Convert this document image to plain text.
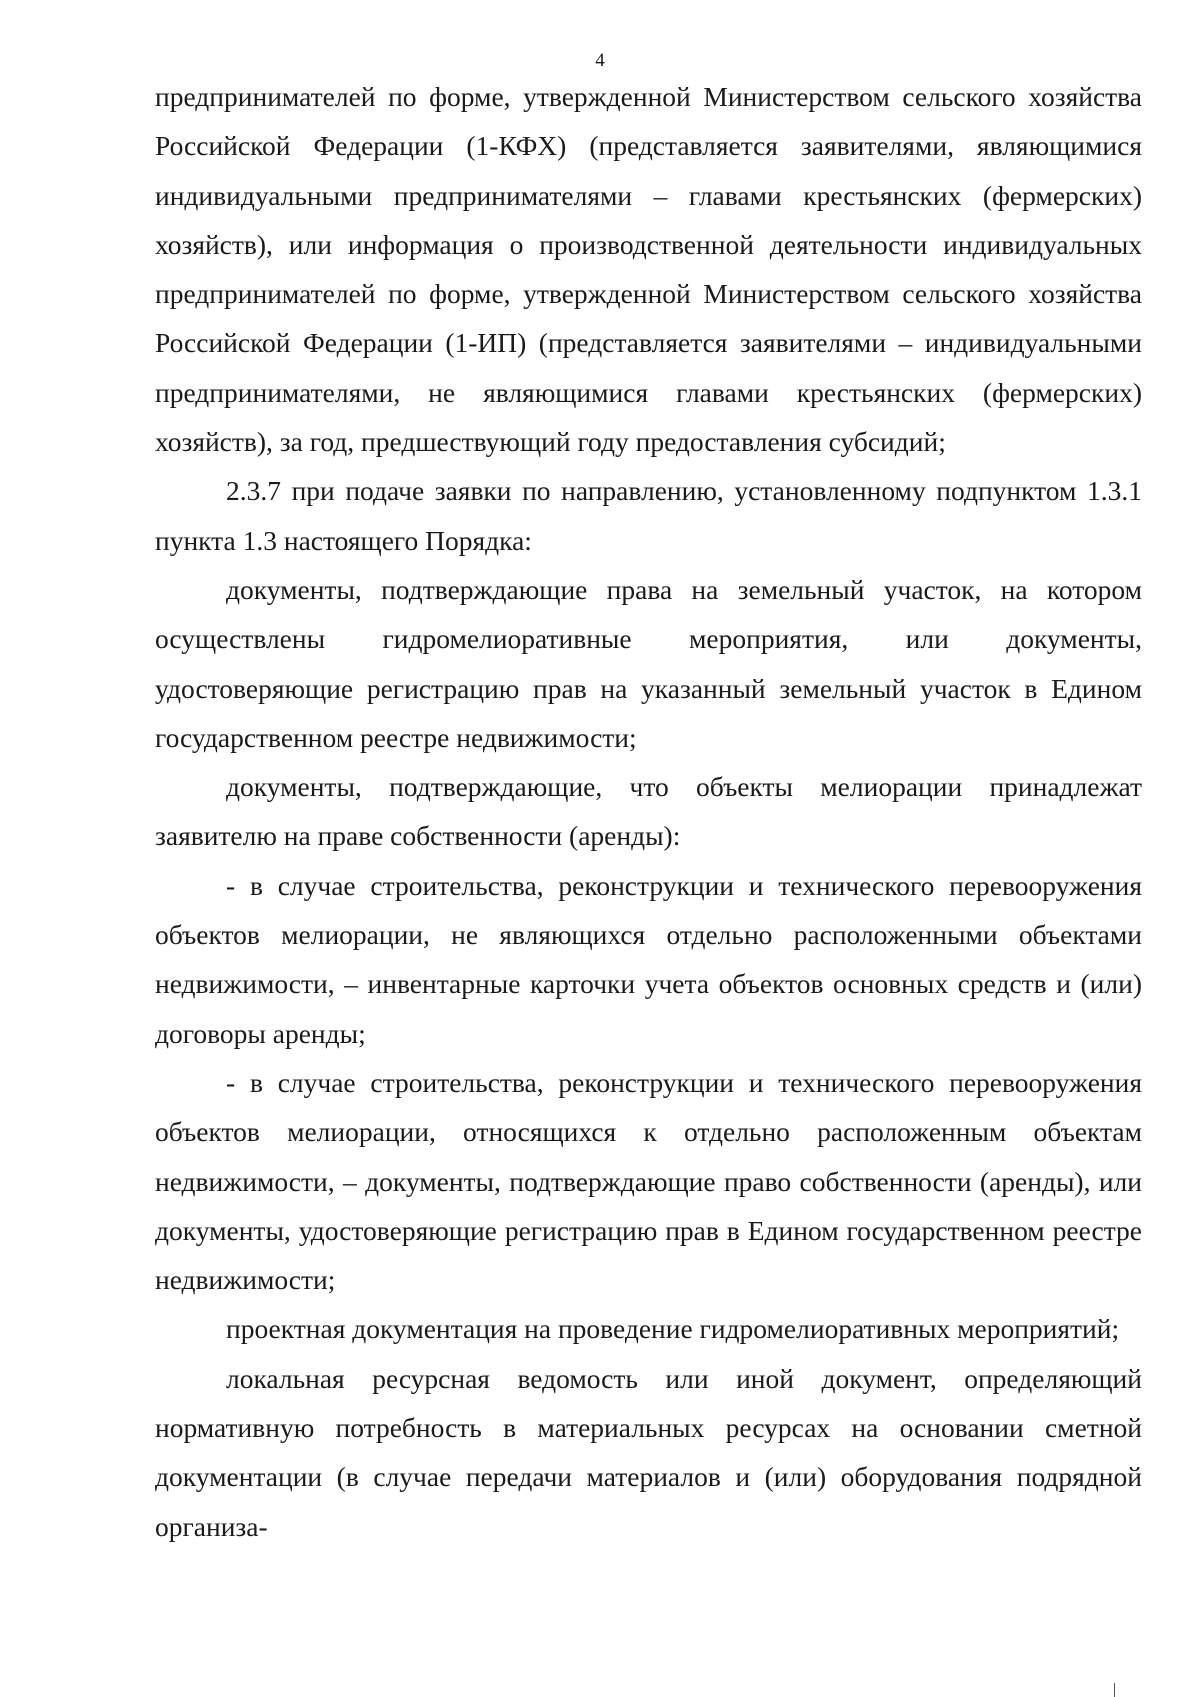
4

предпринимателей по форме, утвержденной Министерством сельского хозяйства Российской Федерации (1-КФХ) (представляется заявителями, являющимися индивидуальными предпринимателями – главами крестьянских (фермерских) хозяйств), или информация о производственной деятельности индивидуальных предпринимателей по форме, утвержденной Министерством сельского хозяйства Российской Федерации (1-ИП) (представляется заявителями – индивидуальными предпринимателями, не являющимися главами крестьянских (фермерских) хозяйств), за год, предшествующий году предоставления субсидий;

2.3.7 при подаче заявки по направлению, установленному подпунктом 1.3.1 пункта 1.3 настоящего Порядка:

документы, подтверждающие права на земельный участок, на котором осуществлены гидромелиоративные мероприятия, или документы, удостоверяющие регистрацию прав на указанный земельный участок в Едином государственном реестре недвижимости;

документы, подтверждающие, что объекты мелиорации принадлежат заявителю на праве собственности (аренды):

- в случае строительства, реконструкции и технического перевооружения объектов мелиорации, не являющихся отдельно расположенными объектами недвижимости, – инвентарные карточки учета объектов основных средств и (или) договоры аренды;

- в случае строительства, реконструкции и технического перевооружения объектов мелиорации, относящихся к отдельно расположенным объектам недвижимости, – документы, подтверждающие право собственности (аренды), или документы, удостоверяющие регистрацию прав в Едином государственном реестре недвижимости;

проектная документация на проведение гидромелиоративных мероприятий;

локальная ресурсная ведомость или иной документ, определяющий нормативную потребность в материальных ресурсах на основании сметной документации (в случае передачи материалов и (или) оборудования подрядной организа-
